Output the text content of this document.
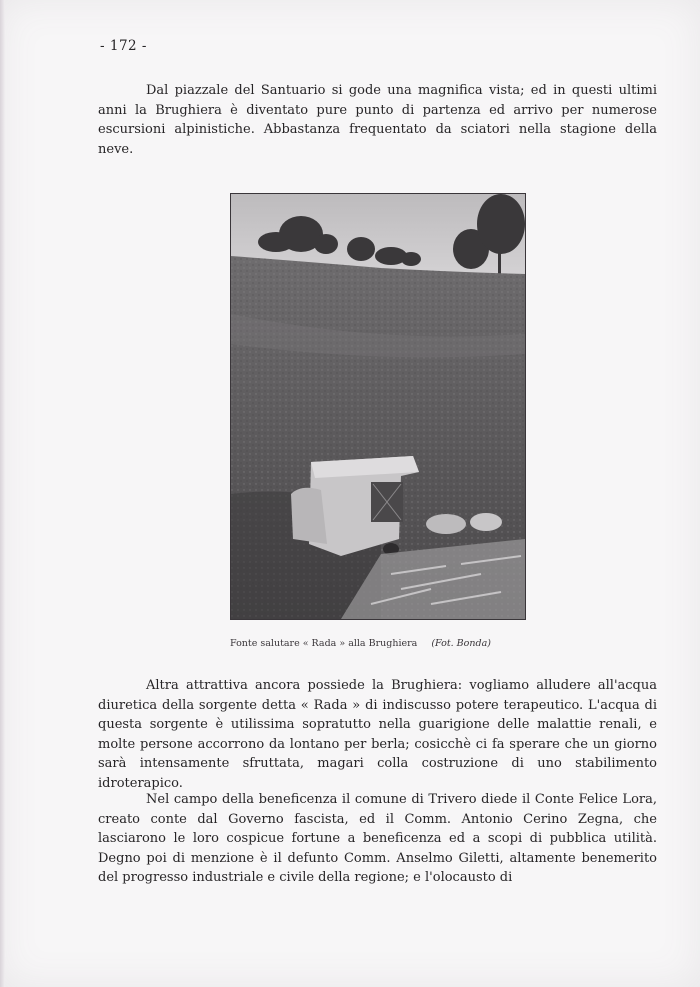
- 172 -

Dal piazzale del Santuario si gode una magnifica vista; ed in questi ultimi anni la Brughiera è diventato pure punto di partenza ed arrivo per numerose escursioni alpinistiche. Abbastanza frequentato da sciatori nella stagione della neve.

Fonte salutare « Rada » alla Brughiera (Fot. Bonda)

Altra attrattiva ancora possiede la Brughiera: vogliamo alludere all'acqua diuretica della sorgente detta « Rada » di indiscusso potere terapeutico. L'acqua di questa sorgente è utilissima sopratutto nella guarigione delle malattie renali, e molte persone accorrono da lontano per berla; cosicchè ci fa sperare che un giorno sarà intensamente sfruttata, magari colla costruzione di uno stabilimento idroterapico.

Nel campo della beneficenza il comune di Trivero diede il Conte Felice Lora, creato conte dal Governo fascista, ed il Comm. Antonio Cerino Zegna, che lasciarono le loro cospicue fortune a beneficenza ed a scopi di pubblica utilità. Degno poi di menzione è il defunto Comm. Anselmo Giletti, altamente benemerito del progresso industriale e civile della regione; e l'olocausto di
